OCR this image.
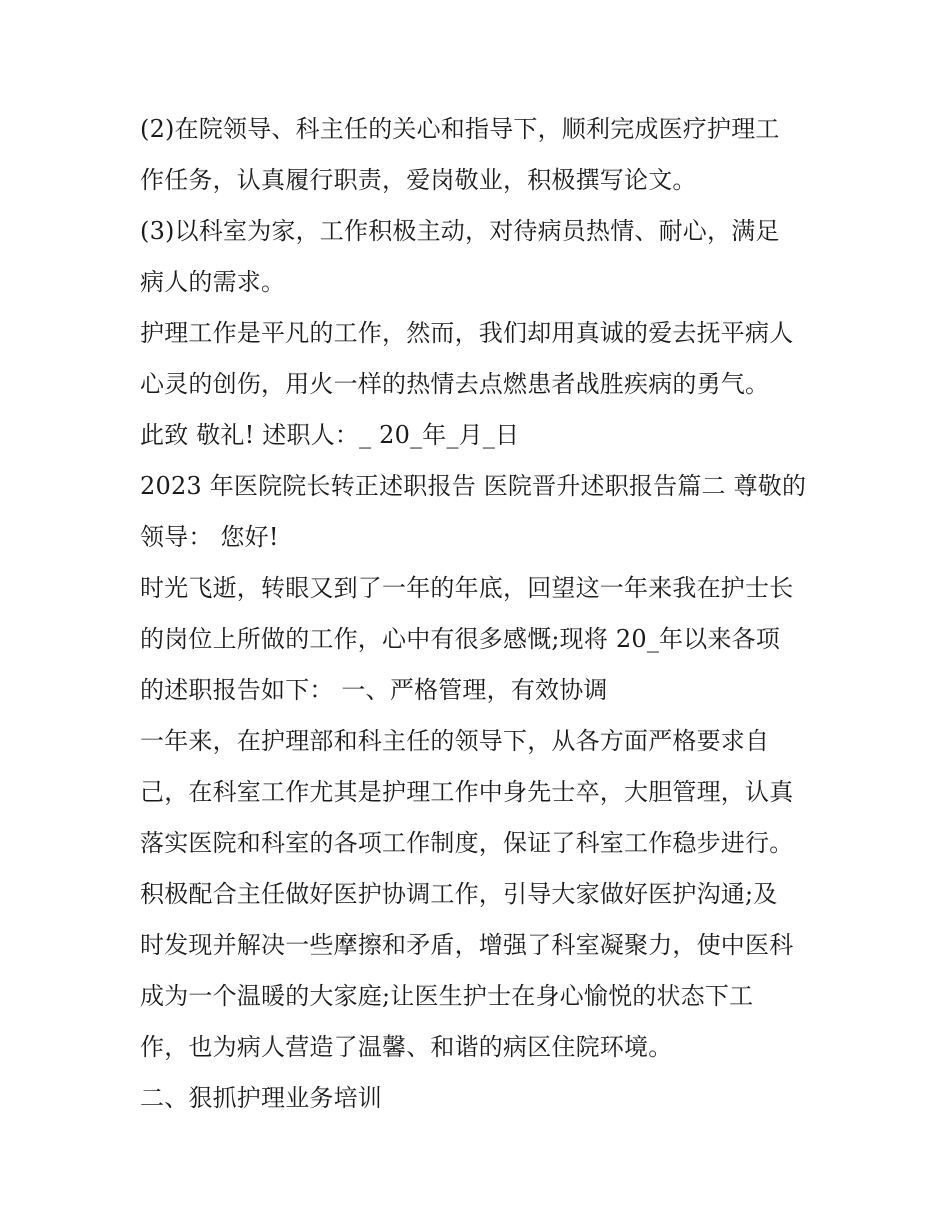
(2)在院领导、科主任的关心和指导下，顺利完成医疗护理工
作任务，认真履行职责，爱岗敬业，积极撰写论文。
(3)以科室为家，工作积极主动，对待病员热情、耐心，满足
病人的需求。
护理工作是平凡的工作，然而，我们却用真诚的爱去抚平病人
心灵的创伤，用火一样的热情去点燃患者战胜疾病的勇气。
此致 敬礼! 述职人：_ 20_年_月_日
2023 年医院院长转正述职报告 医院晋升述职报告篇二 尊敬的
领导： 您好!
时光飞逝，转眼又到了一年的年底，回望这一年来我在护士长
的岗位上所做的工作，心中有很多感慨;现将 20_年以来各项
的述职报告如下： 一、严格管理，有效协调
一年来，在护理部和科主任的领导下，从各方面严格要求自
己，在科室工作尤其是护理工作中身先士卒，大胆管理，认真
落实医院和科室的各项工作制度，保证了科室工作稳步进行。
积极配合主任做好医护协调工作，引导大家做好医护沟通;及
时发现并解决一些摩擦和矛盾，增强了科室凝聚力，使中医科
成为一个温暖的大家庭;让医生护士在身心愉悦的状态下工
作，也为病人营造了温馨、和谐的病区住院环境。
二、狠抓护理业务培训
